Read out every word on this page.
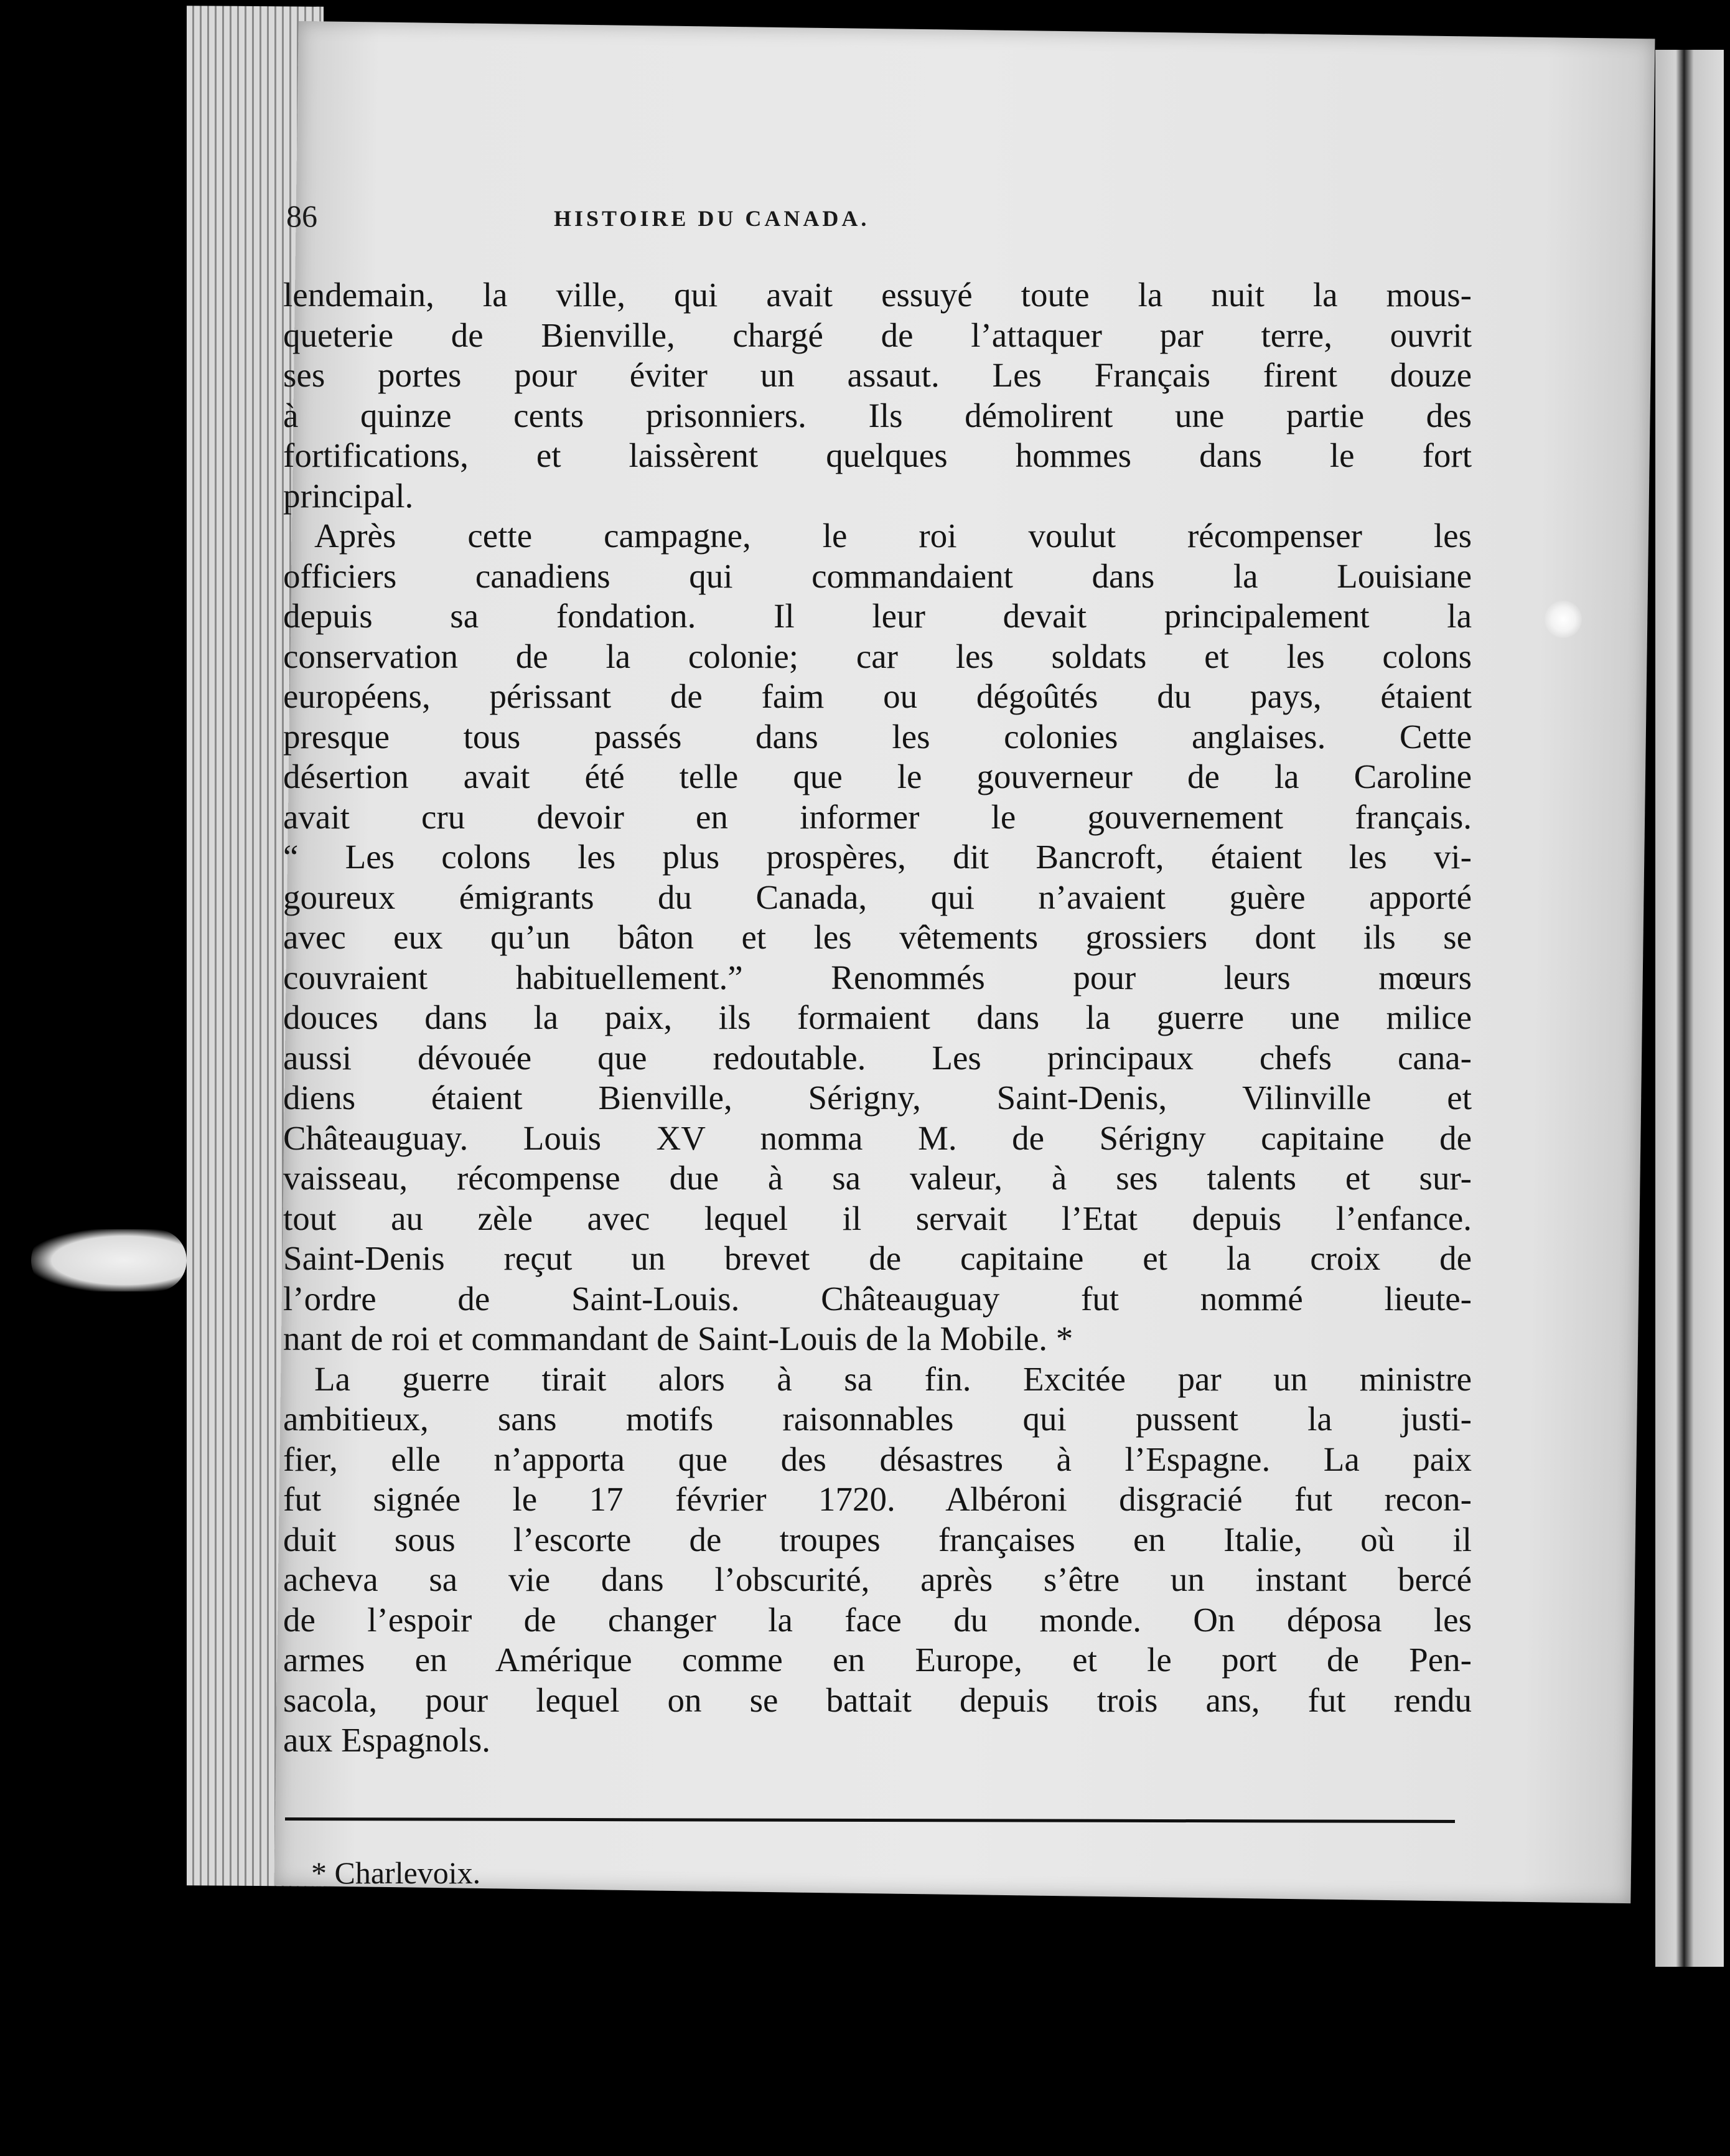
86	HISTOIRE DU CANADA.
lendemain, la ville, qui avait essuyé toute la nuit la mous-
queterie de Bienville, chargé de l’attaquer par terre, ouvrit
ses portes pour éviter un assaut. Les Français firent douze
à quinze cents prisonniers. Ils démolirent une partie des
fortifications, et laissèrent quelques hommes dans le fort
principal.
Après cette campagne, le roi voulut récompenser les
officiers canadiens qui commandaient dans la Louisiane
depuis sa fondation. Il leur devait principalement la
conservation de la colonie; car les soldats et les colons
européens, périssant de faim ou dégoûtés du pays, étaient
presque tous passés dans les colonies anglaises. Cette
désertion avait été telle que le gouverneur de la Caroline
avait cru devoir en informer le gouvernement français.
“ Les colons les plus prospères, dit Bancroft, étaient les vi-
goureux émigrants du Canada, qui n’avaient guère apporté
avec eux qu’un bâton et les vêtements grossiers dont ils se
couvraient habituellement.” Renommés pour leurs mœurs
douces dans la paix, ils formaient dans la guerre une milice
aussi dévouée que redoutable. Les principaux chefs cana-
diens étaient Bienville, Sérigny, Saint-Denis, Vilinville et
Châteauguay. Louis XV nomma M. de Sérigny capitaine de
vaisseau, récompense due à sa valeur, à ses talents et sur-
tout au zèle avec lequel il servait l’Etat depuis l’enfance.
Saint-Denis reçut un brevet de capitaine et la croix de
l’ordre de Saint-Louis. Châteauguay fut nommé lieute-
nant de roi et commandant de Saint-Louis de la Mobile. *
La guerre tirait alors à sa fin. Excitée par un ministre
ambitieux, sans motifs raisonnables qui pussent la justi-
fier, elle n’apporta que des désastres à l’Espagne. La paix
fut signée le 17 février 1720. Albéroni disgracié fut recon-
duit sous l’escorte de troupes françaises en Italie, où il
acheva sa vie dans l’obscurité, après s’être un instant bercé
de l’espoir de changer la face du monde. On déposa les
armes en Amérique comme en Europe, et le port de Pen-
sacola, pour lequel on se battait depuis trois ans, fut rendu
aux Espagnols.
* Charlevoix.
